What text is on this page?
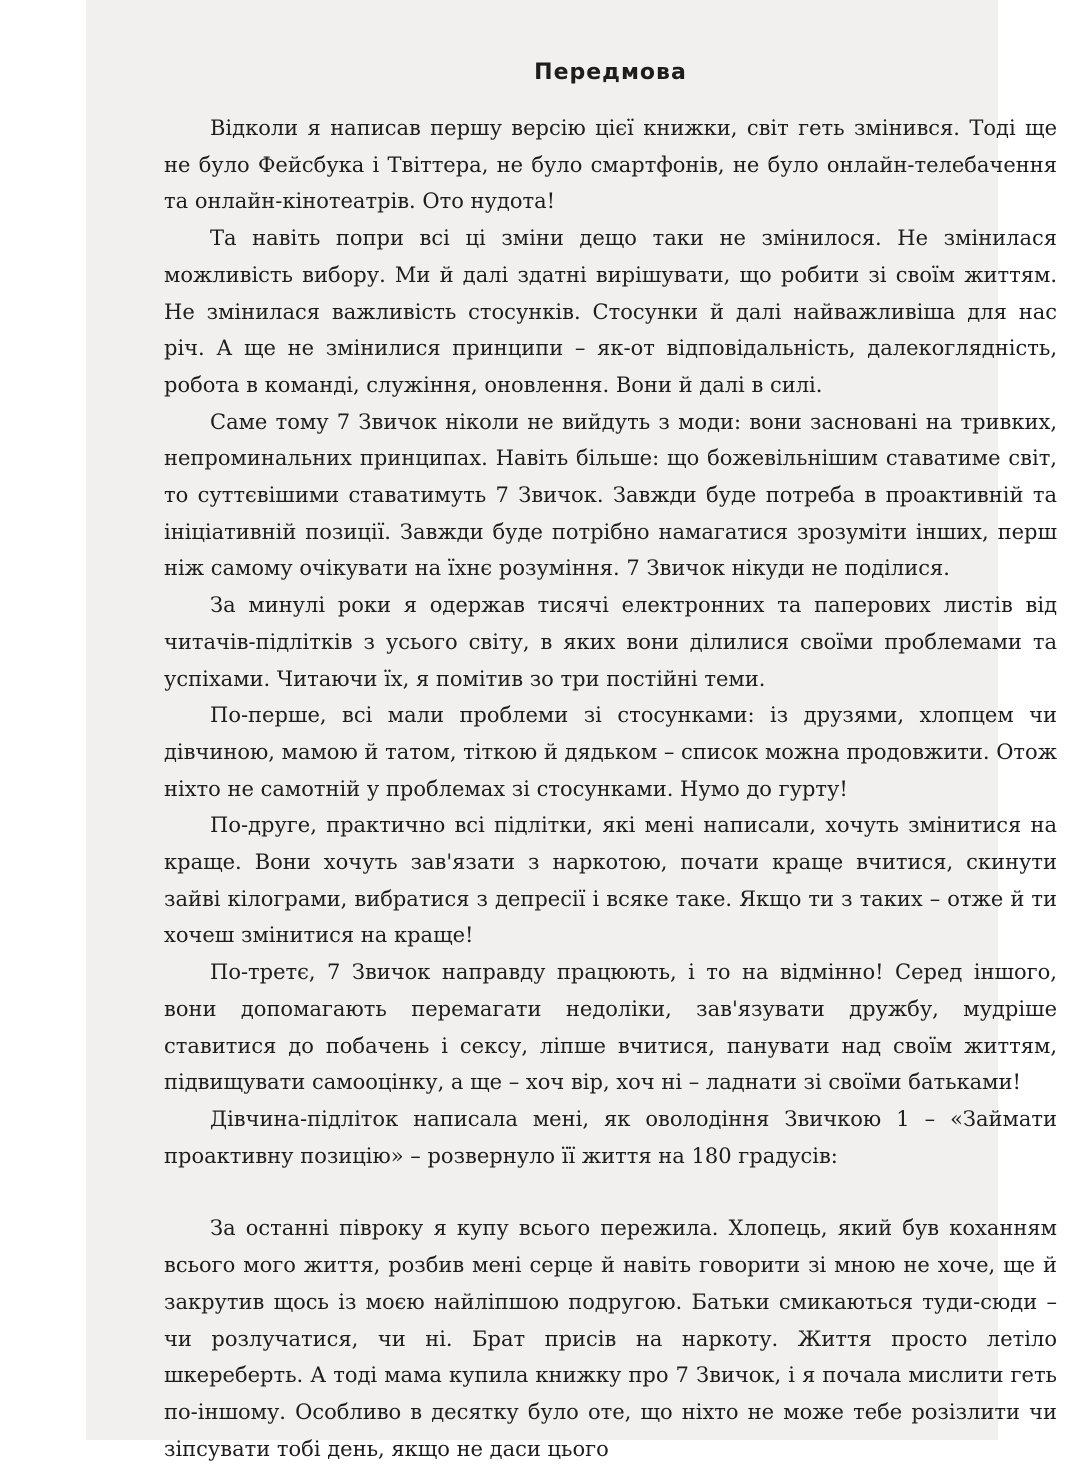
Передмова

Відколи я написав першу версію цієї книжки, світ геть змінився. Тоді ще не було Фейсбука і Твіттера, не було смартфонів, не було онлайн-телебачення та онлайн-кінотеатрів. Ото нудота!

Та навіть попри всі ці зміни дещо таки не змінилося. Не змінилася можливість вибору. Ми й далі здатні вирішувати, що робити зі своїм життям. Не змінилася важливість стосунків. Стосунки й далі найважливіша для нас річ. А ще не змінилися принципи – як-от відповідальність, далекоглядність, робота в команді, служіння, оновлення. Вони й далі в силі.

Саме тому 7 Звичок ніколи не вийдуть з моди: вони засновані на тривких, непроминальних принципах. Навіть більше: що божевільнішим ставатиме світ, то суттєвішими ставатимуть 7 Звичок. Завжди буде потреба в проактивній та ініціативній позиції. Завжди буде потрібно намагатися зрозуміти інших, перш ніж самому очікувати на їхнє розуміння. 7 Звичок нікуди не поділися.

За минулі роки я одержав тисячі електронних та паперових листів від читачів-підлітків з усього світу, в яких вони ділилися своїми проблемами та успіхами. Читаючи їх, я помітив зо три постійні теми.

По-перше, всі мали проблеми зі стосунками: із друзями, хлопцем чи дівчиною, мамою й татом, тіткою й дядьком – список можна продовжити. Отож ніхто не самотній у проблемах зі стосунками. Нумо до гурту!

По-друге, практично всі підлітки, які мені написали, хочуть змінитися на краще. Вони хочуть зав'язати з наркотою, почати краще вчитися, скинути зайві кілограми, вибратися з депресії і всяке таке. Якщо ти з таких – отже й ти хочеш змінитися на краще!

По-третє, 7 Звичок направду працюють, і то на відмінно! Серед іншого, вони допомагають перемагати недоліки, зав'язувати дружбу, мудріше ставитися до побачень і сексу, ліпше вчитися, панувати над своїм життям, підвищувати самооцінку, а ще – хоч вір, хоч ні – ладнати зі своїми батьками!

Дівчина-підліток написала мені, як оволодіння Звичкою 1 – «Займати проактивну позицію» – розвернуло її життя на 180 градусів:

За останні півроку я купу всього пережила. Хлопець, який був коханням всього мого життя, розбив мені серце й навіть говорити зі мною не хоче, ще й закрутив щось із моєю найліпшою подругою. Батьки смикаються туди-сюди – чи розлучатися, чи ні. Брат присів на наркоту. Життя просто летіло шкереберть. А тоді мама купила книжку про 7 Звичок, і я почала мислити геть по-іншому. Особливо в десятку було оте, що ніхто не може тебе розізлити чи зіпсувати тобі день, якщо не даси цього
